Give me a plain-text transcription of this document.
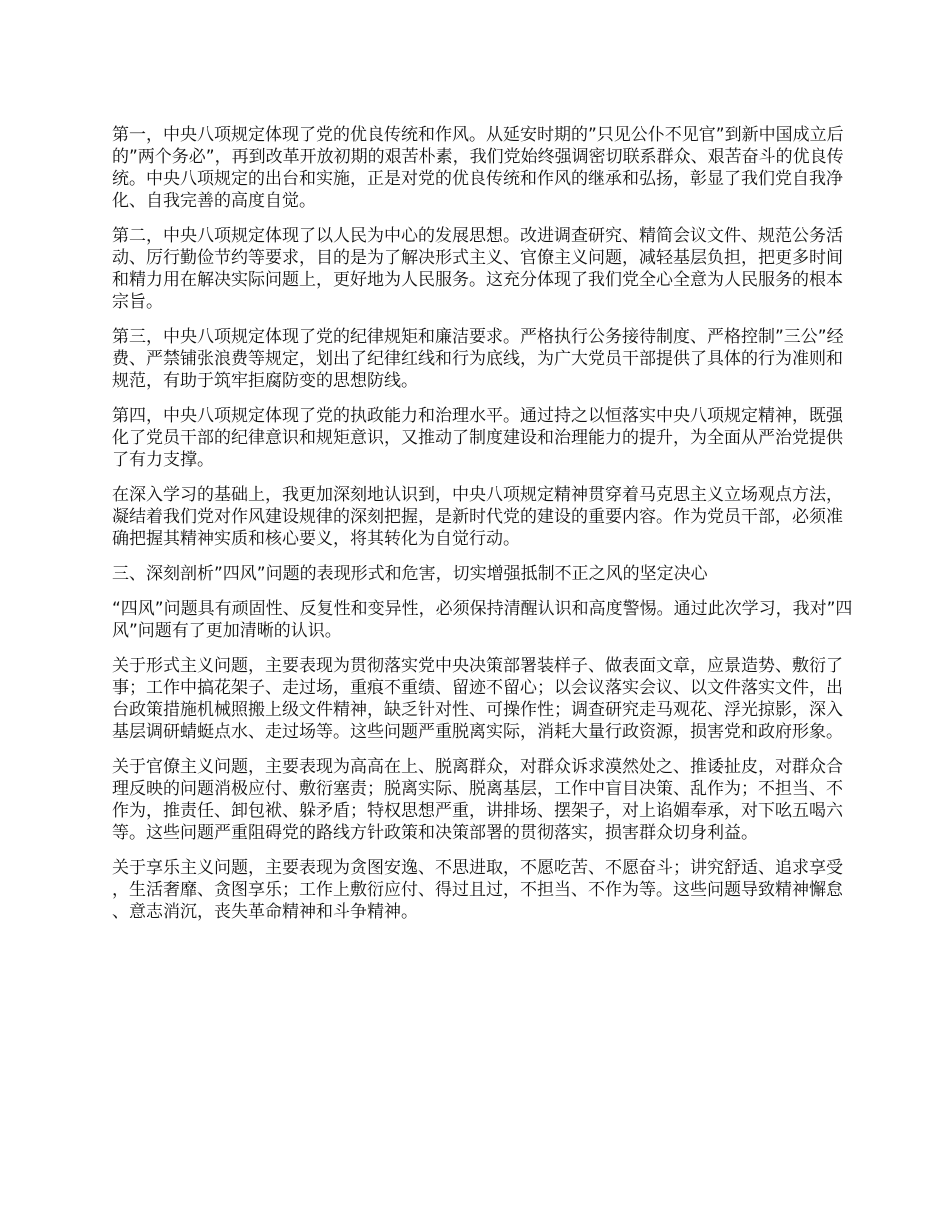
第一，中央八项规定体现了党的优良传统和作风。从延安时期的”只见公仆不见官”到新中国成立后的”两个务必”，再到改革开放初期的艰苦朴素，我们党始终强调密切联系群众、艰苦奋斗的优良传统。中央八项规定的出台和实施，正是对党的优良传统和作风的继承和弘扬，彰显了我们党自我净化、自我完善的高度自觉。

第二，中央八项规定体现了以人民为中心的发展思想。改进调查研究、精简会议文件、规范公务活动、厉行勤俭节约等要求，目的是为了解决形式主义、官僚主义问题，减轻基层负担，把更多时间和精力用在解决实际问题上，更好地为人民服务。这充分体现了我们党全心全意为人民服务的根本宗旨。

第三，中央八项规定体现了党的纪律规矩和廉洁要求。严格执行公务接待制度、严格控制”三公”经费、严禁铺张浪费等规定，划出了纪律红线和行为底线，为广大党员干部提供了具体的行为准则和规范，有助于筑牢拒腐防变的思想防线。

第四，中央八项规定体现了党的执政能力和治理水平。通过持之以恒落实中央八项规定精神，既强化了党员干部的纪律意识和规矩意识，又推动了制度建设和治理能力的提升，为全面从严治党提供了有力支撑。

在深入学习的基础上，我更加深刻地认识到，中央八项规定精神贯穿着马克思主义立场观点方法，凝结着我们党对作风建设规律的深刻把握，是新时代党的建设的重要内容。作为党员干部，必须准确把握其精神实质和核心要义，将其转化为自觉行动。

三、深刻剖析”四风”问题的表现形式和危害，切实增强抵制不正之风的坚定决心

“四风”问题具有顽固性、反复性和变异性，必须保持清醒认识和高度警惕。通过此次学习，我对”四风”问题有了更加清晰的认识。

关于形式主义问题，主要表现为贯彻落实党中央决策部署装样子、做表面文章，应景造势、敷衍了事；工作中搞花架子、走过场，重痕不重绩、留迹不留心；以会议落实会议、以文件落实文件，出台政策措施机械照搬上级文件精神，缺乏针对性、可操作性；调查研究走马观花、浮光掠影，深入基层调研蜻蜓点水、走过场等。这些问题严重脱离实际，消耗大量行政资源，损害党和政府形象。

关于官僚主义问题，主要表现为高高在上、脱离群众，对群众诉求漠然处之、推诿扯皮，对群众合理反映的问题消极应付、敷衍塞责；脱离实际、脱离基层，工作中盲目决策、乱作为；不担当、不作为，推责任、卸包袱、躲矛盾；特权思想严重，讲排场、摆架子，对上谄媚奉承，对下吆五喝六等。这些问题严重阻碍党的路线方针政策和决策部署的贯彻落实，损害群众切身利益。

关于享乐主义问题，主要表现为贪图安逸、不思进取，不愿吃苦、不愿奋斗；讲究舒适、追求享受，生活奢靡、贪图享乐；工作上敷衍应付、得过且过，不担当、不作为等。这些问题导致精神懈怠、意志消沉，丧失革命精神和斗争精神。
